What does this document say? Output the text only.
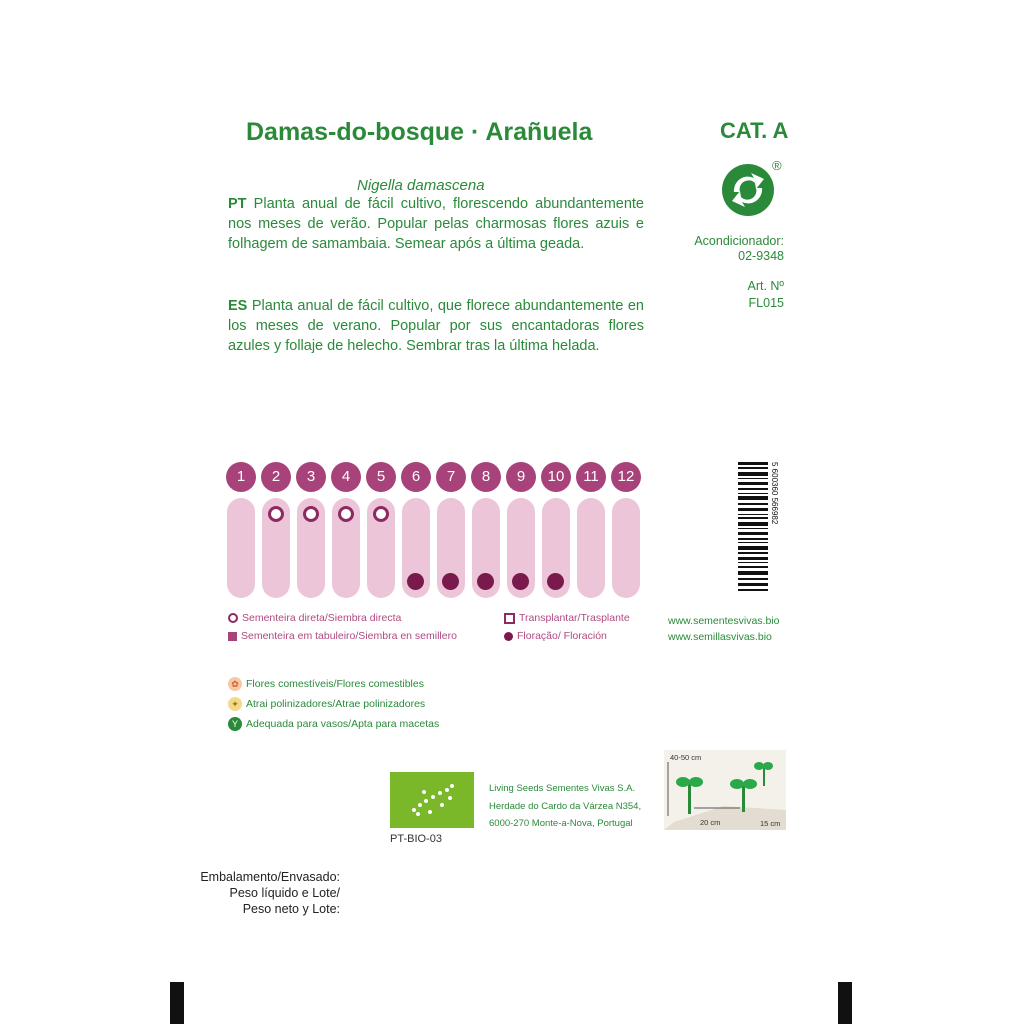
Damas-do-bosque · Arañuela	CAT. A
®
Acondicionador:
02-9348
Art. Nº
FL015
Nigella damascena
PT Planta anual de fácil cultivo, florescendo abundantemente nos meses de verão. Popular pelas charmosas flores azuis e folhagem de samambaia. Semear após a última geada.
ES Planta anual de fácil cultivo, que florece abundantemente en los meses de verano. Popular por sus encantadoras flores azules y follaje de helecho. Sembrar tras la última helada.
1	2	3	4	5	6	7	8	9	10	11	12	5 600360 566982
Sementeira direta/Siembra directa
Sementeira em tabuleiro/Siembra en semillero
Transplantar/Trasplante
Floração/ Floración
www.sementesvivas.bio
www.semillasvivas.bio
✿ Flores comestíveis/Flores comestibles
✦ Atrai polinizadores/Atrae polinizadores
Y Adequada para vasos/Apta para macetas
PT-BIO-03
Living Seeds Sementes Vivas S.A.
Herdade do Cardo da Várzea N354,
6000-270 Monte-a-Nova, Portugal
40-50 cm
20 cm	15 cm
Embalamento/Envasado:
Peso líquido e Lote/
Peso neto y Lote:
